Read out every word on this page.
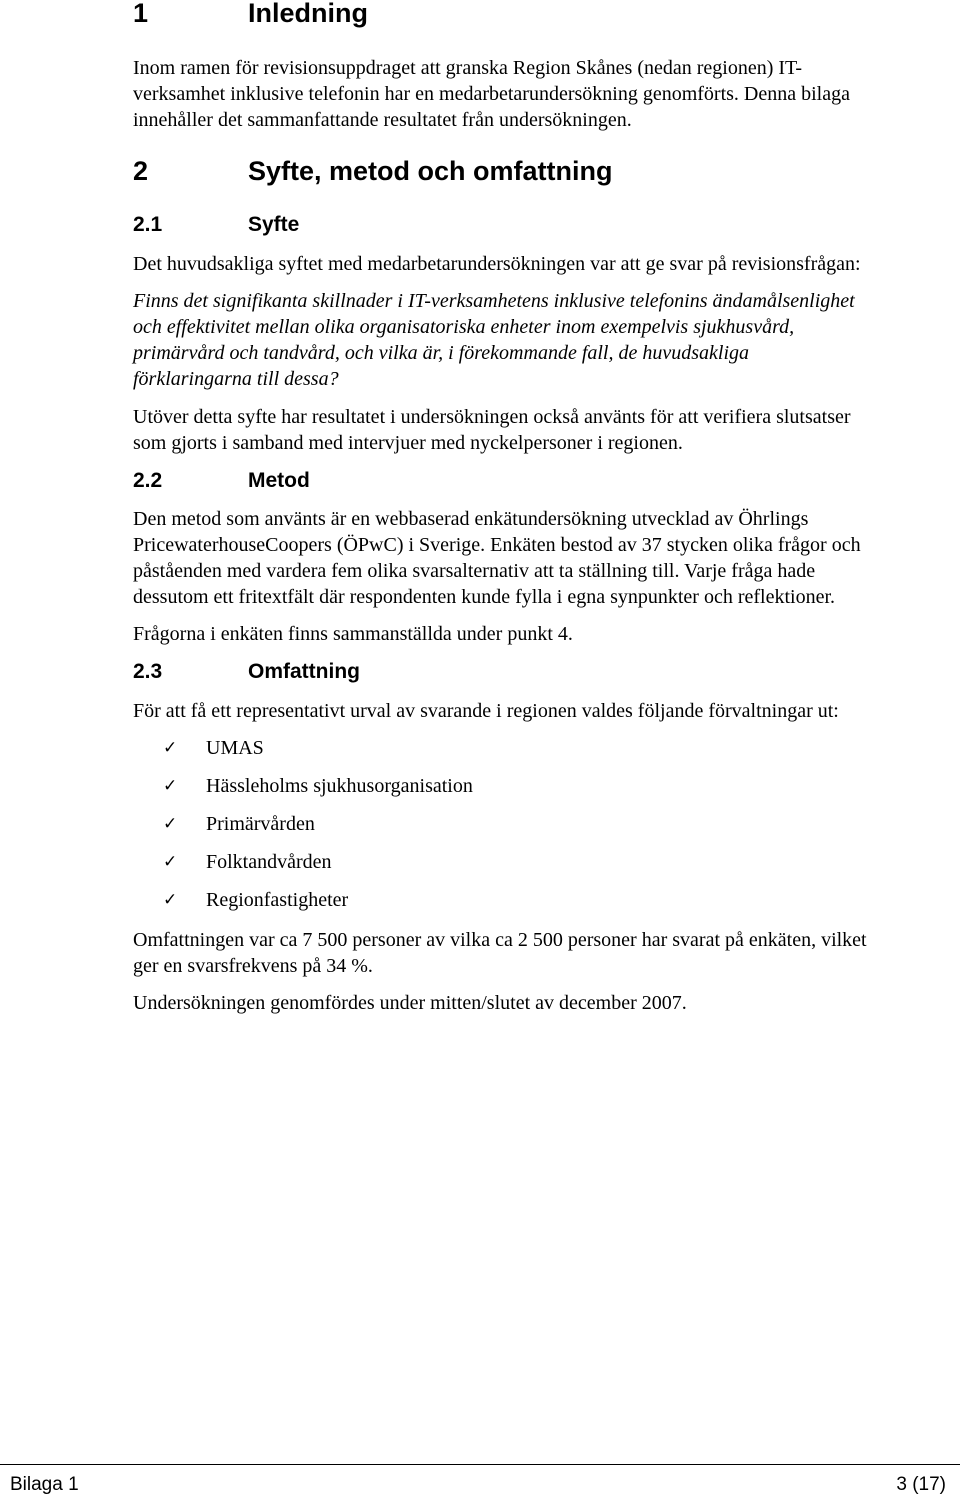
1	Inledning

Inom ramen för revisionsuppdraget att granska Region Skånes (nedan regionen) IT-
verksamhet inklusive telefonin har en medarbetarundersökning genomförts. Denna bilaga
innehåller det sammanfattande resultatet från undersökningen.

2	Syfte, metod och omfattning
2.1	Syfte

Det huvudsakliga syftet med medarbetarundersökningen var att ge svar på revisionsfrågan:

Finns det signifikanta skillnader i IT-verksamhetens inklusive telefonins ändamålsenlighet
och effektivitet mellan olika organisatoriska enheter inom exempelvis sjukhusvård,
primärvård och tandvård, och vilka är, i förekommande fall, de huvudsakliga
förklaringarna till dessa?

Utöver detta syfte har resultatet i undersökningen också använts för att verifiera slutsatser
som gjorts i samband med intervjuer med nyckelpersoner i regionen.

2.2	Metod

Den metod som använts är en webbaserad enkätundersökning utvecklad av Öhrlings
PricewaterhouseCoopers (ÖPwC) i Sverige. Enkäten bestod av 37 stycken olika frågor och
påståenden med vardera fem olika svarsalternativ att ta ställning till. Varje fråga hade
dessutom ett fritextfält där respondenten kunde fylla i egna synpunkter och reflektioner.

Frågorna i enkäten finns sammanställda under punkt 4.

2.3	Omfattning

För att få ett representativt urval av svarande i regionen valdes följande förvaltningar ut:

✓ UMAS
✓ Hässleholms sjukhusorganisation
✓ Primärvården
✓ Folktandvården
✓ Regionfastigheter

Omfattningen var ca 7 500 personer av vilka ca 2 500 personer har svarat på enkäten, vilket
ger en svarsfrekvens på 34 %.

Undersökningen genomfördes under mitten/slutet av december 2007.

Bilaga 1	3 (17)
